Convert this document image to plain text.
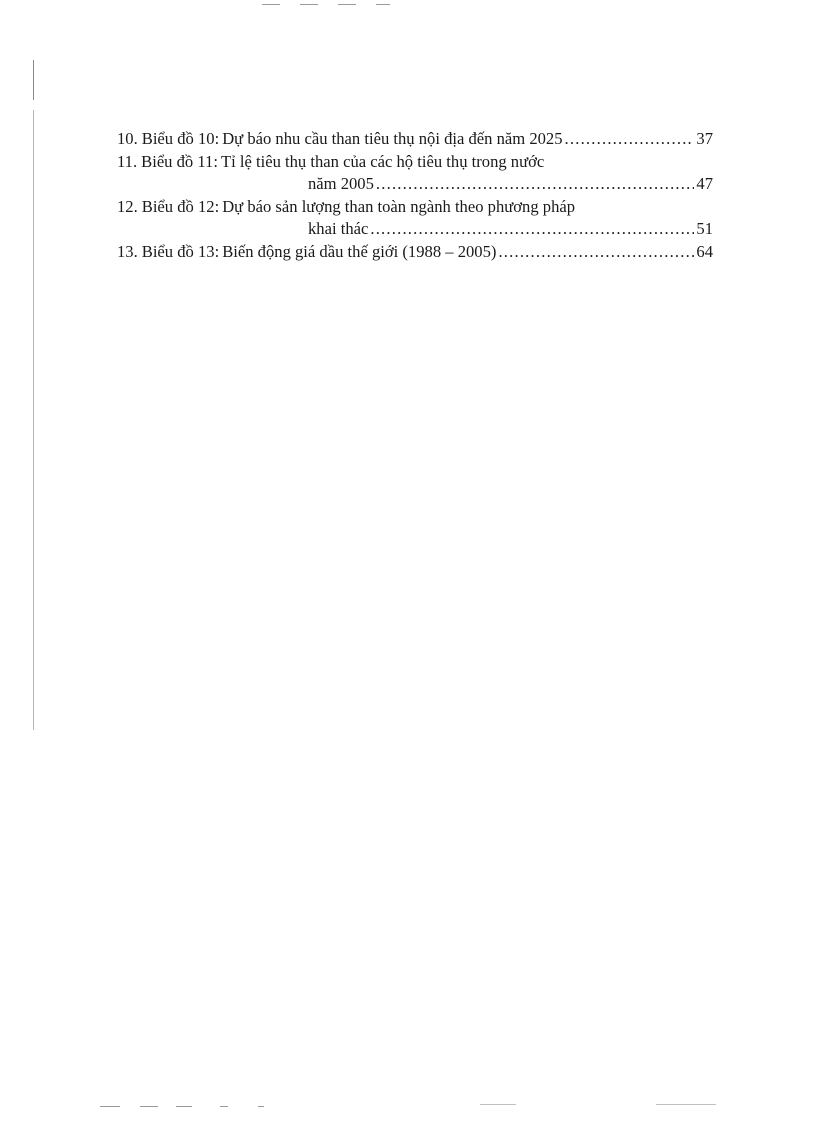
10. Biểu đồ 10: Dự báo nhu cầu than tiêu thụ nội địa đến năm 2025 .....	37
11. Biểu đồ 11: Tỉ lệ tiêu thụ than của các hộ tiêu thụ trong nước
năm 2005 .....	47
12. Biểu đồ 12: Dự báo sản lượng than toàn ngành theo phương pháp
khai thác .....	51
13. Biểu đồ 13: Biến động giá dầu thế giới (1988 – 2005) .....	64
